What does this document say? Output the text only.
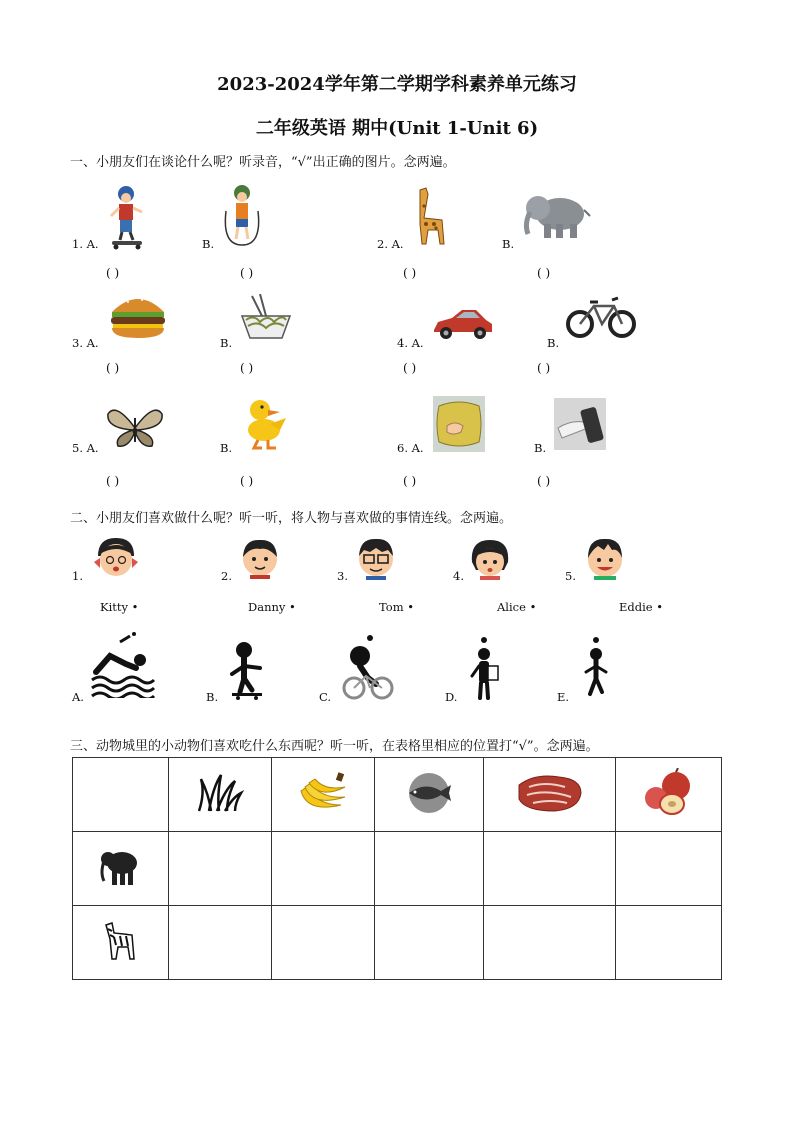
2023-2024学年第二学期学科素养单元练习
二年级英语 期中(Unit 1-Unit 6)
一、小朋友们在谈论什么呢？听录音，“√”出正确的图片。念两遍。
1. A.	B.	2. A.	B.
( )	( )	( )	( )
3. A.	B.	4. A.	B.
( )	( )	( )	( )
5. A.	B.	6. A.	B.
( )	( )	( )	( )
二、小朋友们喜欢做什么呢？听一听，将人物与喜欢做的事情连线。念两遍。
1.	2.	3.	4.	5.
Kitty •	Danny •	Tom •	Alice •	Eddie •
A.	B.	C.	D.	E.
三、动物城里的小动物们喜欢吃什么东西呢？听一听，在表格里相应的位置打“√”。念两遍。
